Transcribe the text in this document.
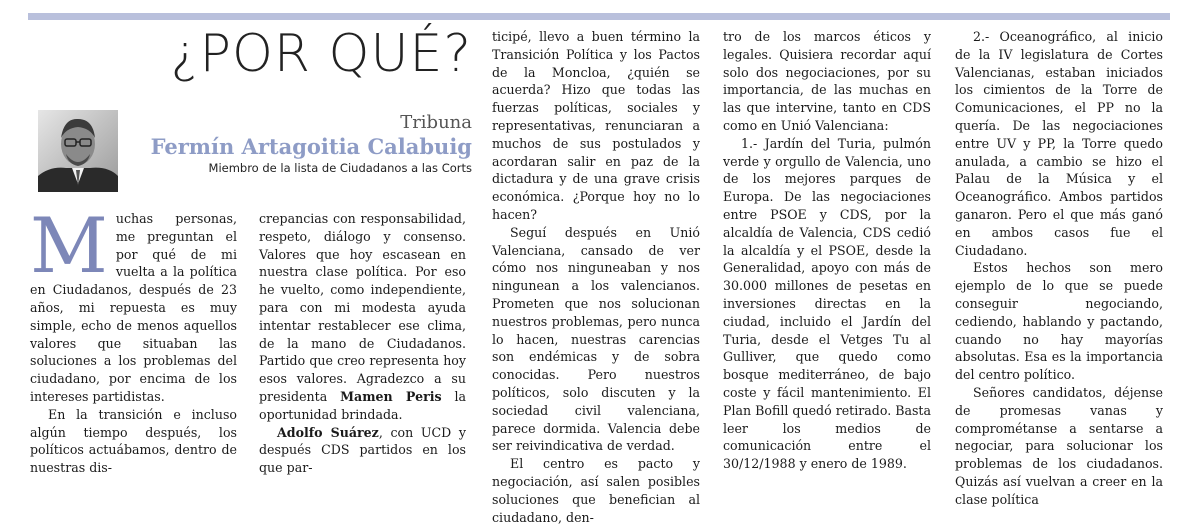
¿POR QUÉ?
Tribuna
Fermín Artagoitia Calabuig
Miembro de la lista de Ciudadanos a las Corts

Muchas personas, me preguntan el por qué de mi vuelta a la política en Ciudadanos, después de 23 años, mi repuesta es muy simple, echo de menos aquellos valores que situaban las soluciones a los problemas del ciudadano, por encima de los intereses partidistas.

En la transición e incluso algún tiempo después, los políticos actuábamos, dentro de nuestras dis-

crepancias con responsabilidad, respeto, diálogo y consenso. Valores que hoy escasean en nuestra clase política. Por eso he vuelto, como independiente, para con mi modesta ayuda intentar restablecer ese clima, de la mano de Ciudadanos. Partido que creo representa hoy esos valores. Agradezco a su presidenta Mamen Peris la oportunidad brindada.

Adolfo Suárez, con UCD y después CDS partidos en los que par-

ticipé, llevo a buen término la Transición Política y los Pactos de la Moncloa, ¿quién se acuerda? Hizo que todas las fuerzas políticas, sociales y representativas, renunciaran a muchos de sus postulados y acordaran salir en paz de la dictadura y de una grave crisis económica. ¿Porque hoy no lo hacen?

Seguí después en Unió Valenciana, cansado de ver cómo nos ninguneaban y nos ningunean a los valencianos. Prometen que nos solucionan nuestros problemas, pero nunca lo hacen, nuestras carencias son endémicas y de sobra conocidas. Pero nuestros políticos, solo discuten y la sociedad civil valenciana, parece dormida. Valencia debe ser reivindicativa de verdad.

El centro es pacto y negociación, así salen posibles soluciones que benefician al ciudadano, den-

tro de los marcos éticos y legales. Quisiera recordar aquí solo dos negociaciones, por su importancia, de las muchas en las que intervine, tanto en CDS como en Unió Valenciana:

1.- Jardín del Turia, pulmón verde y orgullo de Valencia, uno de los mejores parques de Europa. De las negociaciones entre PSOE y CDS, por la alcaldía de Valencia, CDS cedió la alcaldía y el PSOE, desde la Generalidad, apoyo con más de 30.000 millones de pesetas en inversiones directas en la ciudad, incluido el Jardín del Turia, desde el Vetges Tu al Gulliver, que quedo como bosque mediterráneo, de bajo coste y fácil mantenimiento. El Plan Bofill quedó retirado. Basta leer los medios de comunicación entre el 30/12/1988 y enero de 1989.

2.- Oceanográfico, al inicio de la IV legislatura de Cortes Valencianas, estaban iniciados los cimientos de la Torre de Comunicaciones, el PP no la quería. De las negociaciones entre UV y PP, la Torre quedo anulada, a cambio se hizo el Palau de la Música y el Oceanográfico. Ambos partidos ganaron. Pero el que más ganó en ambos casos fue el Ciudadano.

Estos hechos son mero ejemplo de lo que se puede conseguir negociando, cediendo, hablando y pactando, cuando no hay mayorías absolutas. Esa es la importancia del centro político.

Señores candidatos, déjense de promesas vanas y comprométanse a sentarse a negociar, para solucionar los problemas de los ciudadanos. Quizás así vuelvan a creer en la clase política
